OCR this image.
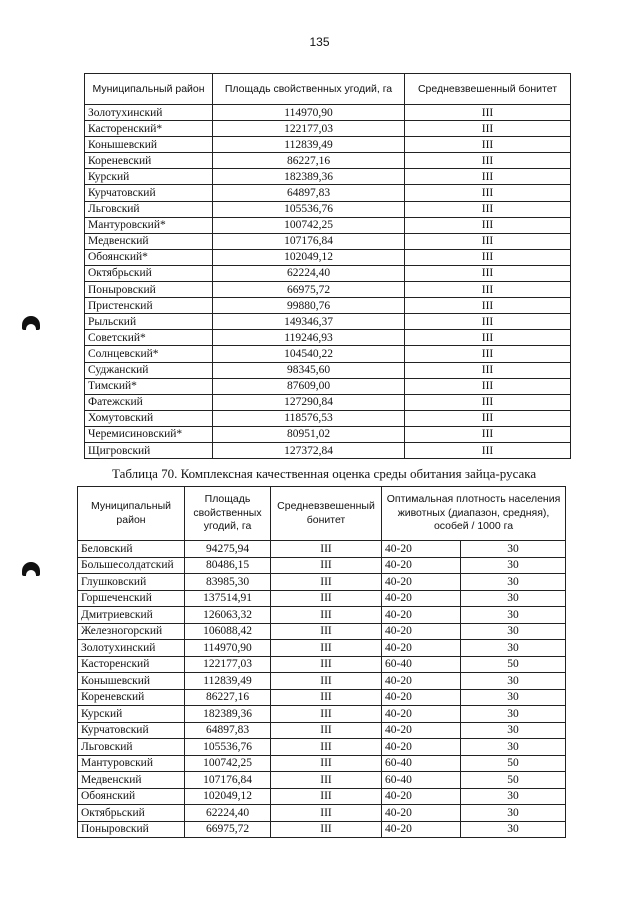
135
Муниципальный район	Площадь свойственных угодий, га	Средневзвешенный бонитет
Золотухинский	114970,90	III
Касторенский*	122177,03	III
Конышевский	112839,49	III
Кореневский	86227,16	III
Курский	182389,36	III
Курчатовский	64897,83	III
Льговский	105536,76	III
Мантуровский*	100742,25	III
Медвенский	107176,84	III
Обоянский*	102049,12	III
Октябрьский	62224,40	III
Поныровский	66975,72	III
Пристенский	99880,76	III
Рыльский	149346,37	III
Советский*	119246,93	III
Солнцевский*	104540,22	III
Суджанский	98345,60	III
Тимский*	87609,00	III
Фатежский	127290,84	III
Хомутовский	118576,53	III
Черемисиновский*	80951,02	III
Щигровский	127372,84	III
Таблица 70. Комплексная качественная оценка среды обитания зайца-русака
Муниципальный район	Площадь свойственных угодий, га	Средневзвешенный бонитет	Оптимальная плотность населения животных (диапазон, средняя), особей / 1000 га	
Беловский	94275,94	III	40-20	30
Большесолдатский	80486,15	III	40-20	30
Глушковский	83985,30	III	40-20	30
Горшеченский	137514,91	III	40-20	30
Дмитриевский	126063,32	III	40-20	30
Железногорский	106088,42	III	40-20	30
Золотухинский	114970,90	III	40-20	30
Касторенский	122177,03	III	60-40	50
Конышевский	112839,49	III	40-20	30
Кореневский	86227,16	III	40-20	30
Курский	182389,36	III	40-20	30
Курчатовский	64897,83	III	40-20	30
Льговский	105536,76	III	40-20	30
Мантуровский	100742,25	III	60-40	50
Медвенский	107176,84	III	60-40	50
Обоянский	102049,12	III	40-20	30
Октябрьский	62224,40	III	40-20	30
Поныровский	66975,72	III	40-20	30
